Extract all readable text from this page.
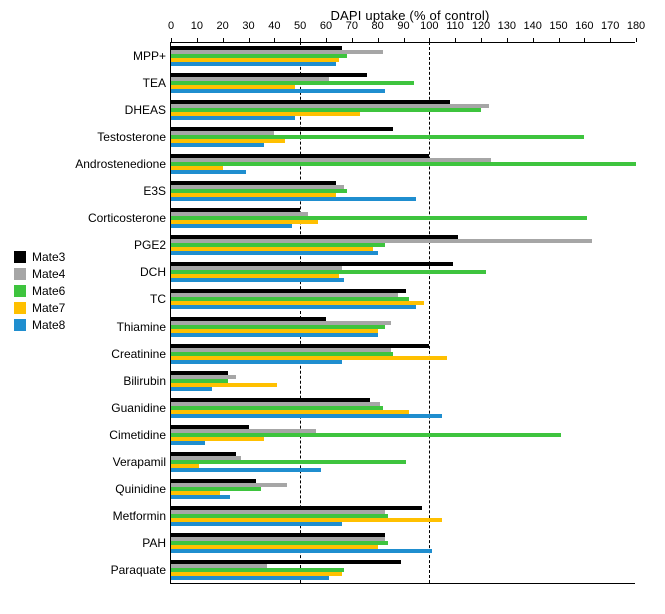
DAPI uptake (% of control)
0 10 20 30 40 50 60 70 80 90 100 110 120 130 140 150 160 170 180
MPP+
TEA
DHEAS
Testosterone
Androstenedione
E3S
Corticosterone
PGE2
DCH
TC
Thiamine
Creatinine
Bilirubin
Guanidine
Cimetidine
Verapamil
Quinidine
Metformin
PAH
Paraquate
Mate3
Mate4
Mate6
Mate7
Mate8
